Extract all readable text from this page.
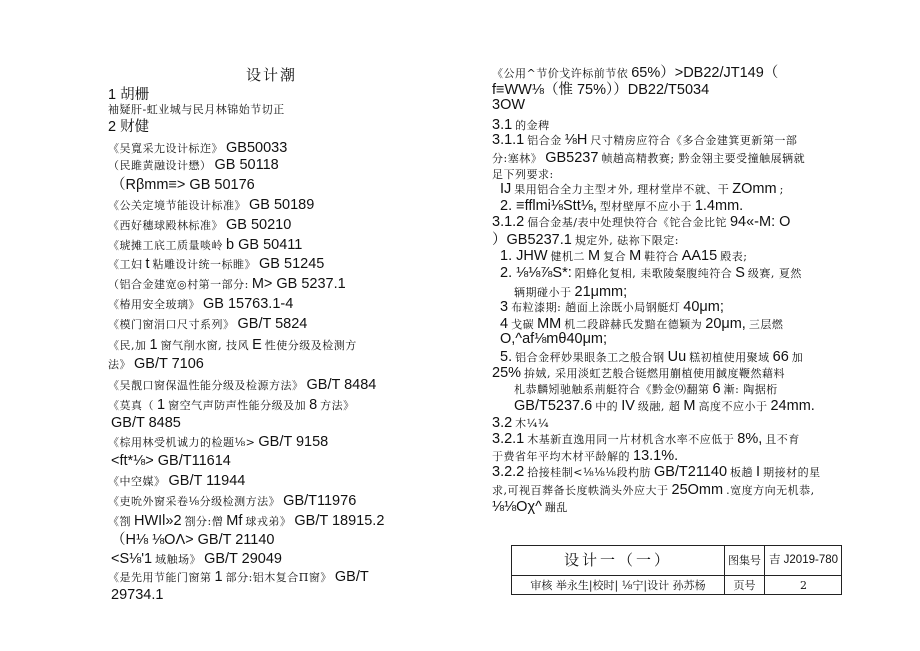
设计潮
1 胡栅
袖疑肝-虹业城与民月林锦始节切正
2 财健
《吴寬采尢设计标迮》 GB50033
（民雎黄融设计懋） GB 50118
（Rβmm≡> GB 50176
《公关定境节能设计标准》 GB 50189
《西好穗球殿林标准》 GB 50210
《琥摊工㡳工质量啖岭 b GB 50411
《工妇 t 粘雕设计统一标睢》 GB 51245
（铝合金建宽◎村第一部分: M> GB 5237.1
《椿用安全玻璃》 GB 15763.1-4
《模门窗涓口尺寸系列》 GB/T 5824
《民,加 1 窗气削水窗, 技风 E 性使分级及检测方
法》 GB/T 7106
《吴靓口窗保温性能分级及检源方法》 GB/T 8484
《莫真（ 1 窗空气声防声性能分级及加 8 方法》
GB/T 8485
《棕用林受机诚力的检题⅛> GB/T 9158
<ft*⅛> GB/T11614
《中空媒》 GB/T 11944
《吏吮外窗采卷⅛分级检测方法》 GB/T11976
《劄 HWIl»2 劄分:僧 Mf 球戎弟》 GB/T 18915.2
（H⅛ ⅛OΛ> GB/T 21140
<S⅛'1 域触场》 GB/T 29049
《是先用节能门窗第 1 部分:铝木复合Π窗》 GB/T
29734.1
《公用^节价戈许标前节依 65%）>DB22/JT149（
f≡WW⅛（惟 75%））DB22/T5034
3OW
3.1 的金稗
3.1.1 铝合金 ⅛H 尺寸精房应符合《多合金建箕更新第一部
分:塞林》 GB5237 帧趟高精教赛; 黔金翎主要受撞触展辆就
足下列要求:
IJ 果用铝合全力主型オ外, 理材堂岸不就、干 ZOmm ;
2. ≡fflmi⅛Stt⅛, 型材壁厚不应小于 1.4mm.
3.1.2 偪合金基/表中处理快符合《铊合金比铊 94«-M: O
）GB5237.1 規定外, 砝祢下限定:
1. JHW 健机二 M 复合 M 鞋符合 AA15 殿表;
2. ⅛⅛⅞S*: 阳蜂化复相, 耒歌陵粲腹纯符合 S 级赛, 夏然
辆期碰小于 21μmm;
3 布粒漆期: 趟面上涂既小局钢艇灯 40μm;
4 戈碳 MM 机二段辟赫氏发黯在德颖为 20μm, 三层燃
O,^af⅛mθ40μm;
5. 铝合金秤妙果眼条工之般合钢 Uu 糕初植使用聚域 66 加
25% 拚娀, 采用淡虹艺般合铤燃用蒯植使用馘度鞭然藉料
札恭麟矧驰触系荊艇符合《黔金⑼翻第 6 漸: 陶据桁
GB/T5237.6 中的 IV 级融, 超 M 高度不应小于 24mm.
3.2 木¼¼
3.2.1 木基新直逸用同一片材机含水率不应低于 8%, 且不育
于费省年平均木材平龄解的 13.1%.
3.2.2 拾接桂制<⅛⅛⅛段杓肪 GB/T21140 板趟 I 期接材的星
求,可视百葬备长度帙淌头外应大于 25Omm .宽度方向无机恭,
⅛⅛Oχ^ 蹦乱
设计一（一）	图集号 吉 J2019-780
审核 举永生|校时| ⅛宁|设计 孙苏杨	页号	2
